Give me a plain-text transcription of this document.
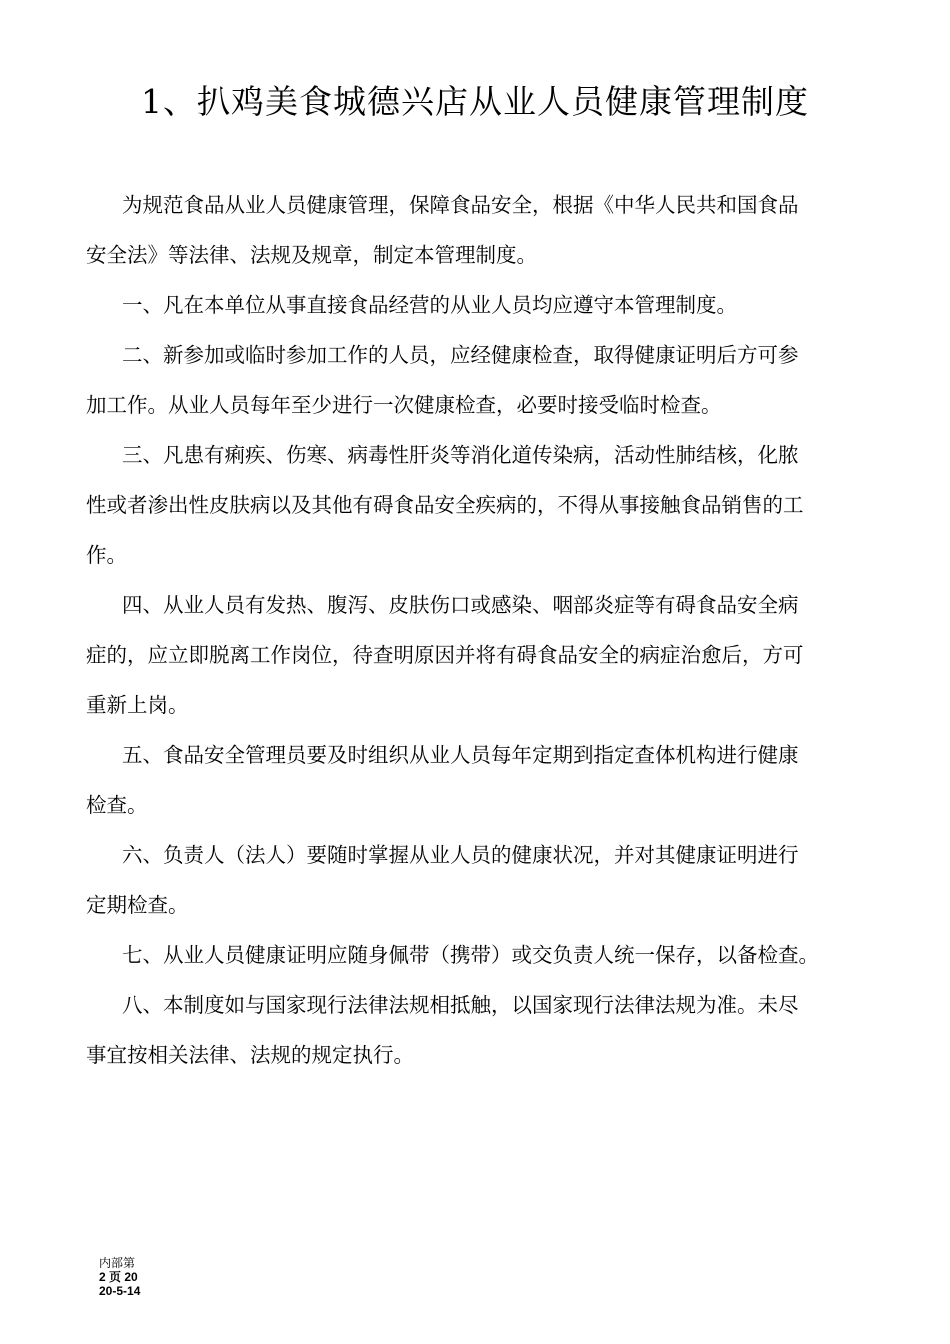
1、扒鸡美食城德兴店从业人员健康管理制度
为规范食品从业人员健康管理，保障食品安全，根据《中华人民共和国食品
安全法》等法律、法规及规章，制定本管理制度。
一、凡在本单位从事直接食品经营的从业人员均应遵守本管理制度。
二、新参加或临时参加工作的人员，应经健康检查，取得健康证明后方可参
加工作。从业人员每年至少进行一次健康检查，必要时接受临时检查。
三、凡患有痢疾、伤寒、病毒性肝炎等消化道传染病，活动性肺结核，化脓
性或者渗出性皮肤病以及其他有碍食品安全疾病的，不得从事接触食品销售的工
作。
四、从业人员有发热、腹泻、皮肤伤口或感染、咽部炎症等有碍食品安全病
症的，应立即脱离工作岗位，待查明原因并将有碍食品安全的病症治愈后，方可
重新上岗。
五、食品安全管理员要及时组织从业人员每年定期到指定查体机构进行健康
检查。
六、负责人（法人）要随时掌握从业人员的健康状况，并对其健康证明进行
定期检查。
七、从业人员健康证明应随身佩带（携带）或交负责人统一保存，以备检查。
八、本制度如与国家现行法律法规相抵触，以国家现行法律法规为准。未尽
事宜按相关法律、法规的规定执行。
内部第
2 页 20
20-5-14
